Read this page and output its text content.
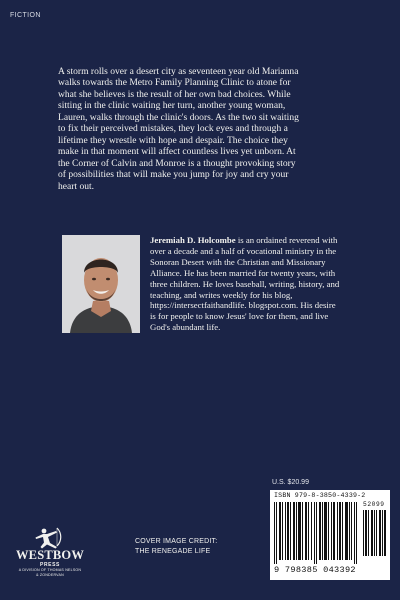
FICTION

A storm rolls over a desert city as seventeen year old Marianna walks towards the Metro Family Planning Clinic to atone for what she believes is the result of her own bad choices. While sitting in the clinic waiting her turn, another young woman, Lauren, walks through the clinic's doors. As the two sit waiting to fix their perceived mistakes, they lock eyes and through a lifetime they wrestle with hope and despair. The choice they make in that moment will affect countless lives yet unborn. At the Corner of Calvin and Monroe is a thought provoking story of possibilities that will make you jump for joy and cry your heart out.

Jeremiah D. Holcombe is an ordained reverend with over a decade and a half of vocational ministry in the Sonoran Desert with the Christian and Missionary Alliance. He has been married for twenty years, with three children. He loves baseball, writing, history, and teaching, and writes weekly for his blog, https://intersectfaithandlife. blogspot.com. His desire is for people to know Jesus' love for them, and live God's abundant life.

U.S. $20.99
ISBN 979-8-3850-4339-2
52099
9 798385 043392
WESTBOW
PRESS
A DIVISION OF THOMAS NELSON
& ZONDERVAN
COVER IMAGE CREDIT:
THE RENEGADE LIFE
